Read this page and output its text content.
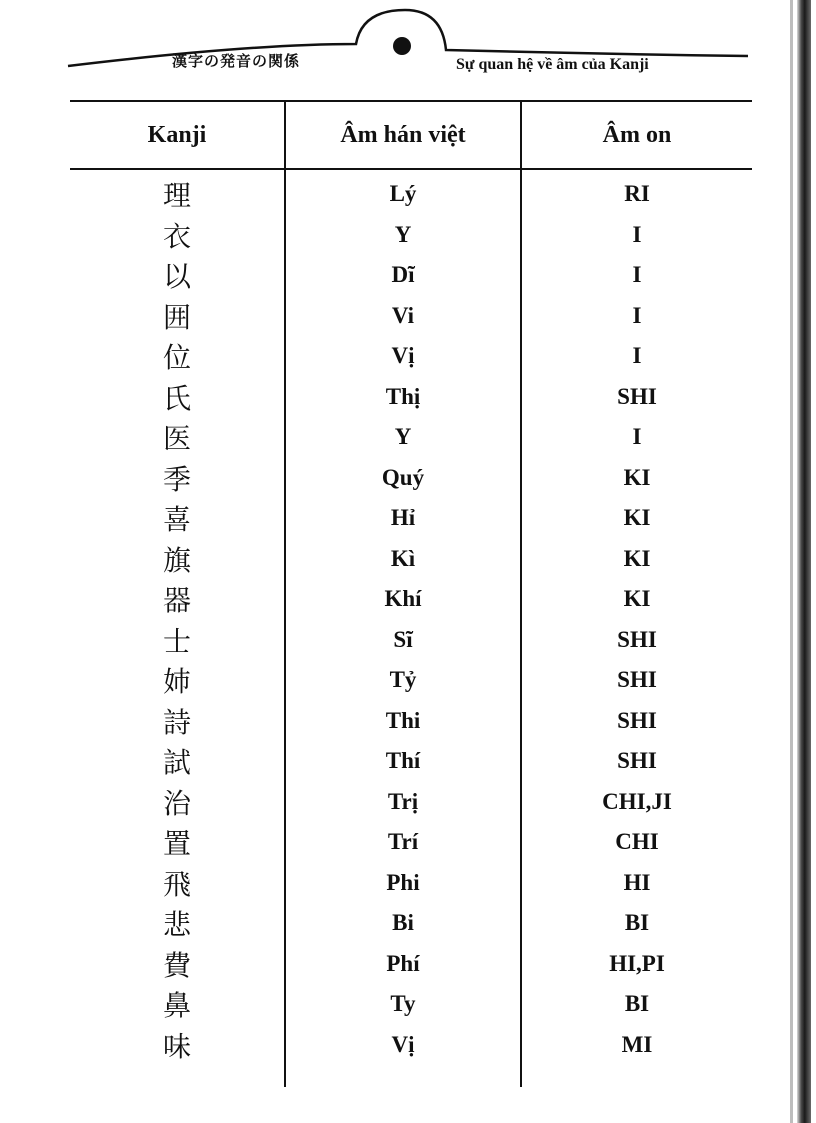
漢字の発音の関係	Sự quan hệ về âm của Kanji
Kanji	Âm hán việt	Âm on
理	Lý	RI
衣	Y	I
以	Dĩ	I
囲	Vi	I
位	Vị	I
氏	Thị	SHI
医	Y	I
季	Quý	KI
喜	Hỉ	KI
旗	Kì	KI
器	Khí	KI
士	Sĩ	SHI
姉	Tỷ	SHI
詩	Thi	SHI
試	Thí	SHI
治	Trị	CHI,JI
置	Trí	CHI
飛	Phi	HI
悲	Bi	BI
費	Phí	HI,PI
鼻	Ty	BI
味	Vị	MI
